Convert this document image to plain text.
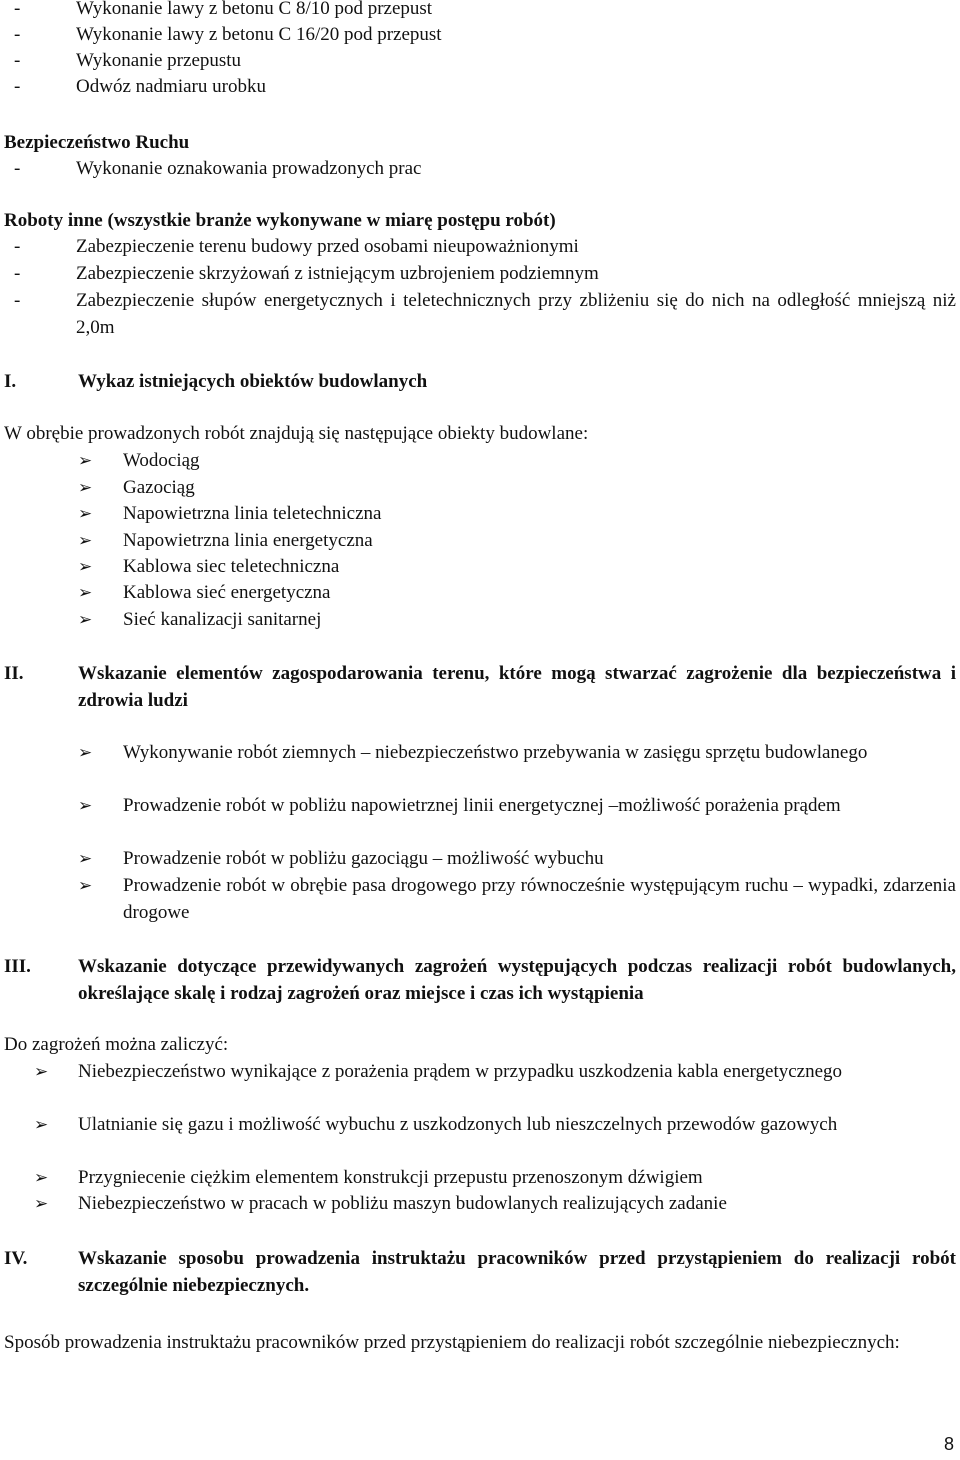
-	Wykonanie lawy z betonu C 8/10 pod przepust
-	Wykonanie lawy z betonu C 16/20 pod przepust
-	Wykonanie przepustu
-	Odwóz nadmiaru urobku
Bezpieczeństwo Ruchu
-	Wykonanie oznakowania prowadzonych prac
Roboty inne (wszystkie branże wykonywane w miarę postępu robót)
-	Zabezpieczenie terenu budowy przed osobami nieupoważnionymi
-	Zabezpieczenie skrzyżowań z istniejącym uzbrojeniem podziemnym
-	Zabezpieczenie słupów energetycznych i teletechnicznych przy zbliżeniu się do nich na odległość mniejszą niż 2,0m
I.	Wykaz istniejących obiektów budowlanych
W obrębie prowadzonych robót znajdują się następujące obiekty budowlane:
➢ Wodociąg
➢ Gazociąg
➢ Napowietrzna linia teletechniczna
➢ Napowietrzna linia energetyczna
➢ Kablowa siec teletechniczna
➢ Kablowa sieć energetyczna
➢ Sieć kanalizacji sanitarnej
II.	Wskazanie elementów zagospodarowania terenu, które mogą stwarzać zagrożenie dla bezpieczeństwa i zdrowia ludzi
➢ Wykonywanie robót ziemnych – niebezpieczeństwo przebywania w zasięgu sprzętu budowlanego
➢ Prowadzenie robót w pobliżu napowietrznej linii energetycznej –możliwość porażenia prądem
➢ Prowadzenie robót w pobliżu gazociągu – możliwość wybuchu
➢ Prowadzenie robót w obrębie pasa drogowego przy równocześnie występującym ruchu – wypadki, zdarzenia drogowe
III. Wskazanie dotyczące przewidywanych zagrożeń występujących podczas realizacji robót budowlanych, określające skalę i rodzaj zagrożeń oraz miejsce i czas ich wystąpienia
Do zagrożeń można zaliczyć:
➢ Niebezpieczeństwo wynikające z porażenia prądem w przypadku uszkodzenia kabla energetycznego
➢ Ulatnianie się gazu i możliwość wybuchu z uszkodzonych lub nieszczelnych przewodów gazowych
➢ Przygniecenie ciężkim elementem konstrukcji przepustu przenoszonym dźwigiem
➢ Niebezpieczeństwo w pracach w pobliżu maszyn budowlanych realizujących zadanie
IV.	Wskazanie sposobu prowadzenia instruktażu pracowników przed przystąpieniem do realizacji robót szczególnie niebezpiecznych.
Sposób prowadzenia instruktażu pracowników przed przystąpieniem do realizacji robót szczególnie niebezpiecznych:
8
